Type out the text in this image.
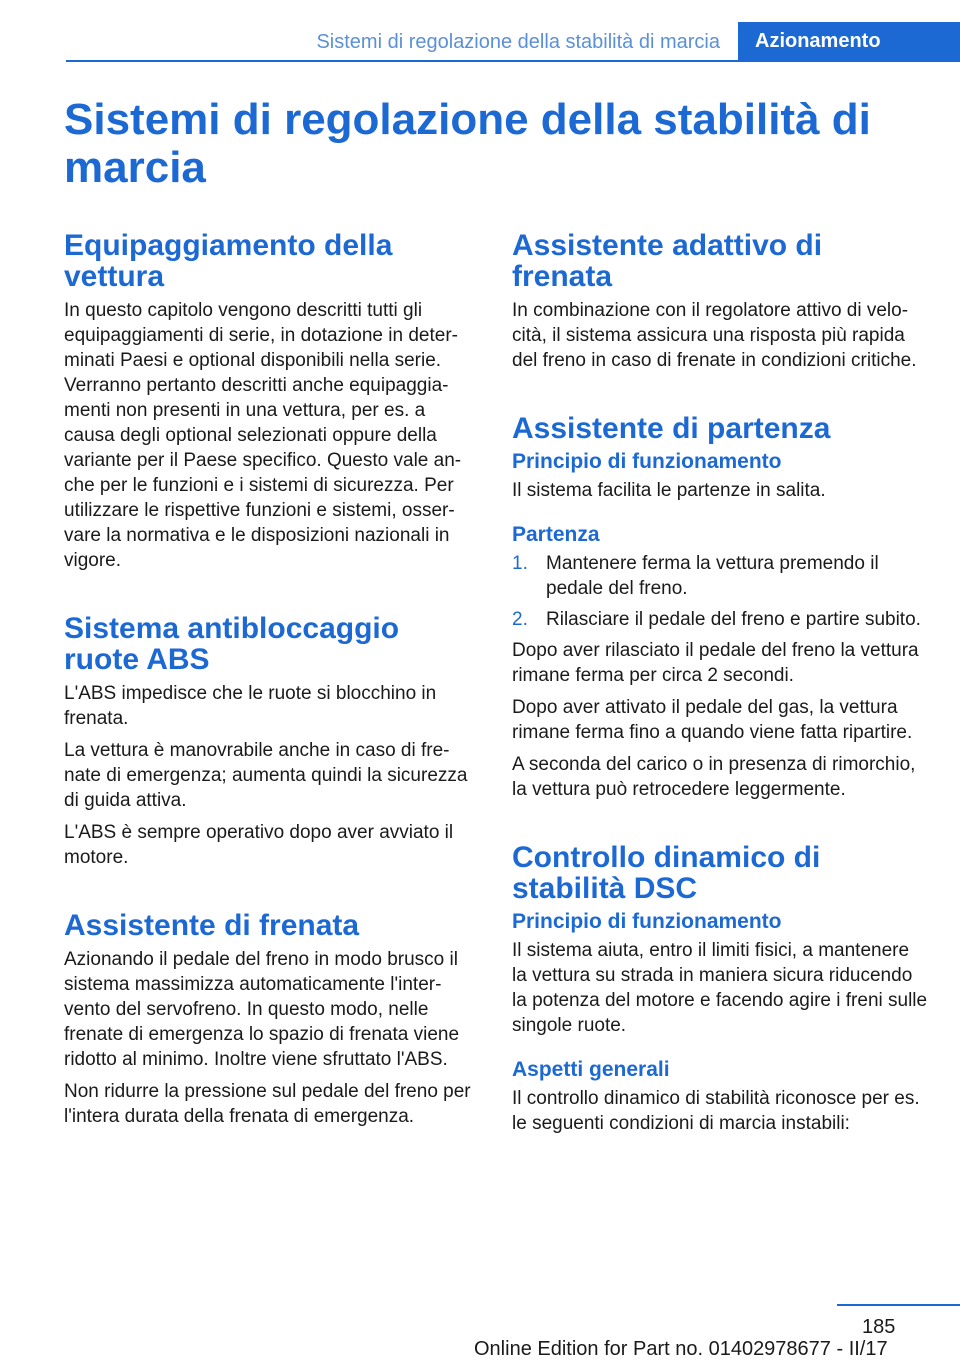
Sistemi di regolazione della stabilità di marcia	Azionamento
Sistemi di regolazione della stabilità di marcia
Equipaggiamento della vettura

In questo capitolo vengono descritti tutti gli equipaggiamenti di serie, in dotazione in determinati Paesi e optional disponibili nella serie. Verranno pertanto descritti anche equipaggiamenti non presenti in una vettura, per es. a causa degli optional selezionati oppure della variante per il Paese specifico. Questo vale anche per le funzioni e i sistemi di sicurezza. Per utilizzare le rispettive funzioni e sistemi, osservare la normativa e le disposizioni nazionali in vigore.

Sistema antibloccaggio ruote ABS

L'ABS impedisce che le ruote si blocchino in frenata.

La vettura è manovrabile anche in caso di frenate di emergenza; aumenta quindi la sicurezza di guida attiva.

L'ABS è sempre operativo dopo aver avviato il motore.

Assistente di frenata

Azionando il pedale del freno in modo brusco il sistema massimizza automaticamente l'intervento del servofreno. In questo modo, nelle frenate di emergenza lo spazio di frenata viene ridotto al minimo. Inoltre viene sfruttato l'ABS.

Non ridurre la pressione sul pedale del freno per l'intera durata della frenata di emergenza.

Assistente adattivo di frenata

In combinazione con il regolatore attivo di velocità, il sistema assicura una risposta più rapida del freno in caso di frenate in condizioni critiche.

Assistente di partenza
Principio di funzionamento

Il sistema facilita le partenze in salita.

Partenza
1. Mantenere ferma la vettura premendo il pedale del freno.
2. Rilasciare il pedale del freno e partire subito.

Dopo aver rilasciato il pedale del freno la vettura rimane ferma per circa 2 secondi.

Dopo aver attivato il pedale del gas, la vettura rimane ferma fino a quando viene fatta ripartire.

A seconda del carico o in presenza di rimorchio, la vettura può retrocedere leggermente.

Controllo dinamico di stabilità DSC
Principio di funzionamento

Il sistema aiuta, entro il limiti fisici, a mantenere la vettura su strada in maniera sicura riducendo la potenza del motore e facendo agire i freni sulle singole ruote.

Aspetti generali

Il controllo dinamico di stabilità riconosce per es. le seguenti condizioni di marcia instabili:

185
Online Edition for Part no. 01402978677 - II/17
